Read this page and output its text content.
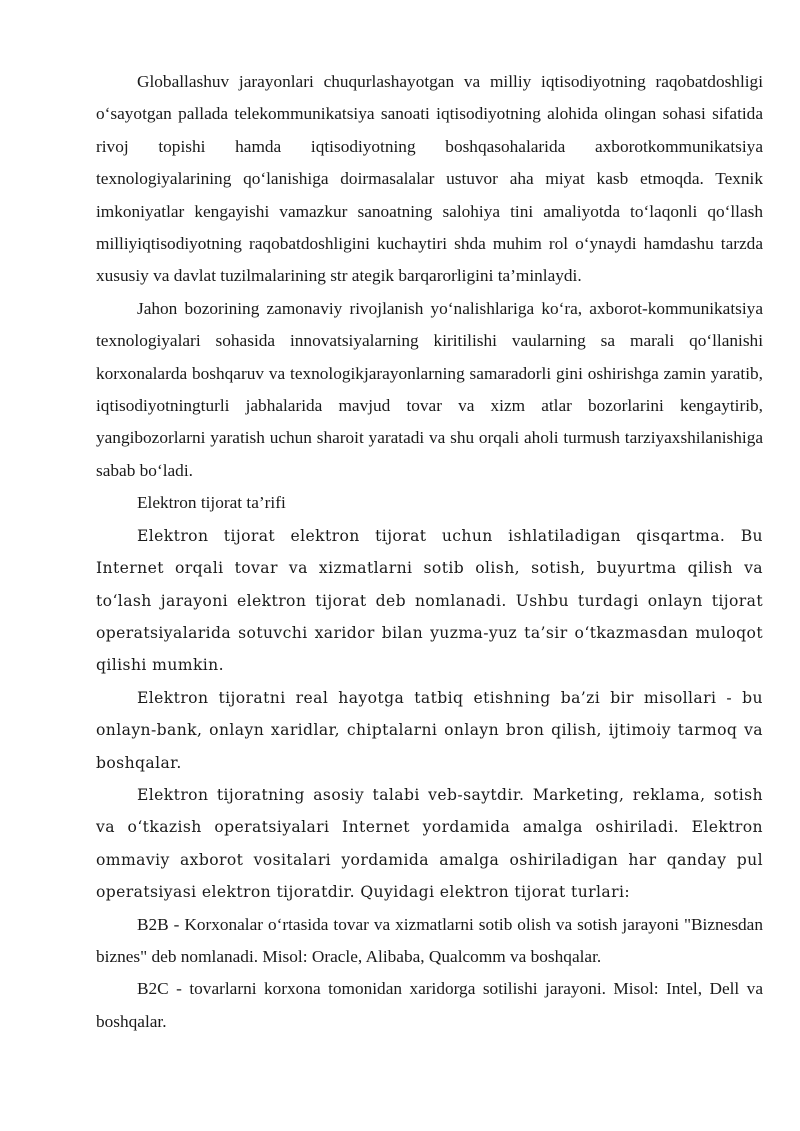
Globallashuv jarayonlari chuqurlashayotgan va milliy iqtisodiyotning raqobatdoshligi o‘sayotgan pallada telekommunikatsiya sanoati iqtisodiyotning alohida olingan sohasi sifatida rivoj topishi hamda iqtisodiyotning boshqasohalarida axborotkommunikatsiya texnologiyalarining qo‘lanishiga doirmasalalar ustuvor aha miyat kasb etmoqda. Texnik imkoniyatlar kengayishi vamazkur sanoatning salohiya tini amaliyotda to‘laqonli qo‘llash milliyiqtisodiyotning raqobatdoshligini kuchaytiri shda muhim rol o‘ynaydi hamdashu tarzda xususiy va davlat tuzilmalarining str ategik barqarorligini ta’minlaydi.

Jahon bozorining zamonaviy rivojlanish yo‘nalishlariga ko‘ra, axborot-kommunikatsiya texnologiyalari sohasida innovatsiyalarning kiritilishi vaularning sa marali qo‘llanishi korxonalarda boshqaruv va texnologikjarayonlarning samaradorli gini oshirishga zamin yaratib, iqtisodiyotningturli jabhalarida mavjud tovar va xizm atlar bozorlarini kengaytirib, yangibozorlarni yaratish uchun sharoit yaratadi va shu orqali aholi turmush tarziyaxshilanishiga sabab bo‘ladi.

Elektron tijorat ta’rifi

Elektron tijorat elektron tijorat uchun ishlatiladigan qisqartma. Bu Internet orqali tovar va xizmatlarni sotib olish, sotish, buyurtma qilish va to‘lash jarayoni elektron tijorat deb nomlanadi. Ushbu turdagi onlayn tijorat operatsiyalarida sotuvchi xaridor bilan yuzma-yuz ta’sir o‘tkazmasdan muloqot qilishi mumkin.

Elektron tijoratni real hayotga tatbiq etishning ba’zi bir misollari - bu onlayn-bank, onlayn xaridlar, chiptalarni onlayn bron qilish, ijtimoiy tarmoq va boshqalar.

Elektron tijoratning asosiy talabi veb-saytdir. Marketing, reklama, sotish va o‘tkazish operatsiyalari Internet yordamida amalga oshiriladi. Elektron ommaviy axborot vositalari yordamida amalga oshiriladigan har qanday pul operatsiyasi elektron tijoratdir. Quyidagi elektron tijorat turlari:

B2B - Korxonalar o‘rtasida tovar va xizmatlarni sotib olish va sotish jarayoni "Biznesdan biznes" deb nomlanadi. Misol: Oracle, Alibaba, Qualcomm va boshqalar.

B2C - tovarlarni korxona tomonidan xaridorga sotilishi jarayoni. Misol: Intel, Dell va boshqalar.
